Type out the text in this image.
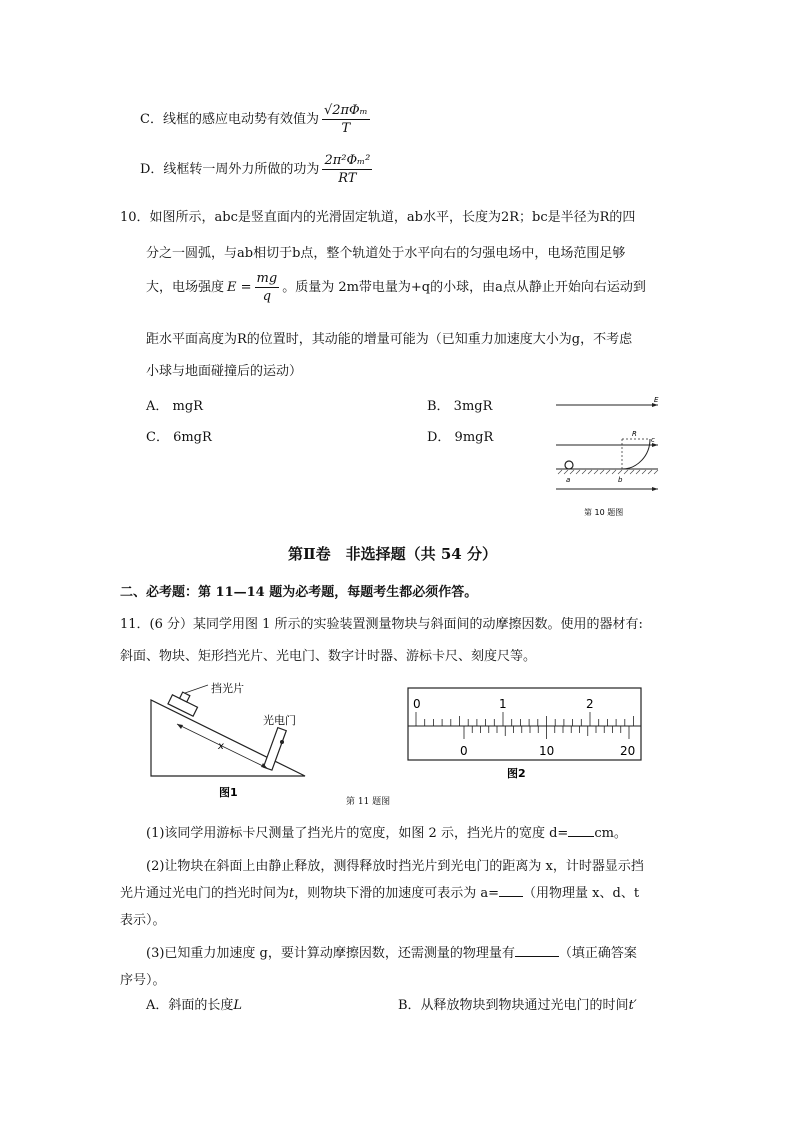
C．线框的感应电动势有效值为 $\frac{\text{√2πΦₘ}}{T}$
D．线框转一周外力所做的功为 $\frac{\text{2π²Φₘ²}}{RT}$
10．如图所示，abc是竖直面内的光滑固定轨道，ab水平，长度为2R；bc是半径为R的四
分之一圆弧，与ab相切于b点，整个轨道处于水平向右的匀强电场中，电场范围足够
大，电场强度 $E = \frac{mg}{q}$ 。质量为 2m带电量为+q的小球，由a点从静止开始向右运动到
距水平面高度为R的位置时，其动能的增量可能为（已知重力加速度大小为g，不考虑
小球与地面碰撞后的运动）
A． mgR	B． 3mgR
C． 6mgR	D． 9mgR
E
R
c
a	b
第 10 题图
第Ⅱ卷　非选择题（共 54 分）
二、必考题：第 11—14 题为必考题，每题考生都必须作答。
11．(6 分）某同学用图 1 所示的实验装置测量物块与斜面间的动摩擦因数。使用的器材有:
斜面、物块、矩形挡光片、光电门、数字计时器、游标卡尺、刻度尺等。
挡光片
光电门
x
图1
0	1	2
0	10	20
图2
第 11 题图
(1)该同学用游标卡尺测量了挡光片的宽度，如图 2 示，挡光片的宽度 d= cm。
(2)让物块在斜面上由静止释放，测得释放时挡光片到光电门的距离为 x，计时器显示挡
光片通过光电门的挡光时间为t，则物块下滑的加速度可表示为 a= （用物理量 x、d、t
表示）。
(3)已知重力加速度 g，要计算动摩擦因数，还需测量的物理量有	（填正确答案
序号）。
A．斜面的长度L	B．从释放物块到物块通过光电门的时间t′
